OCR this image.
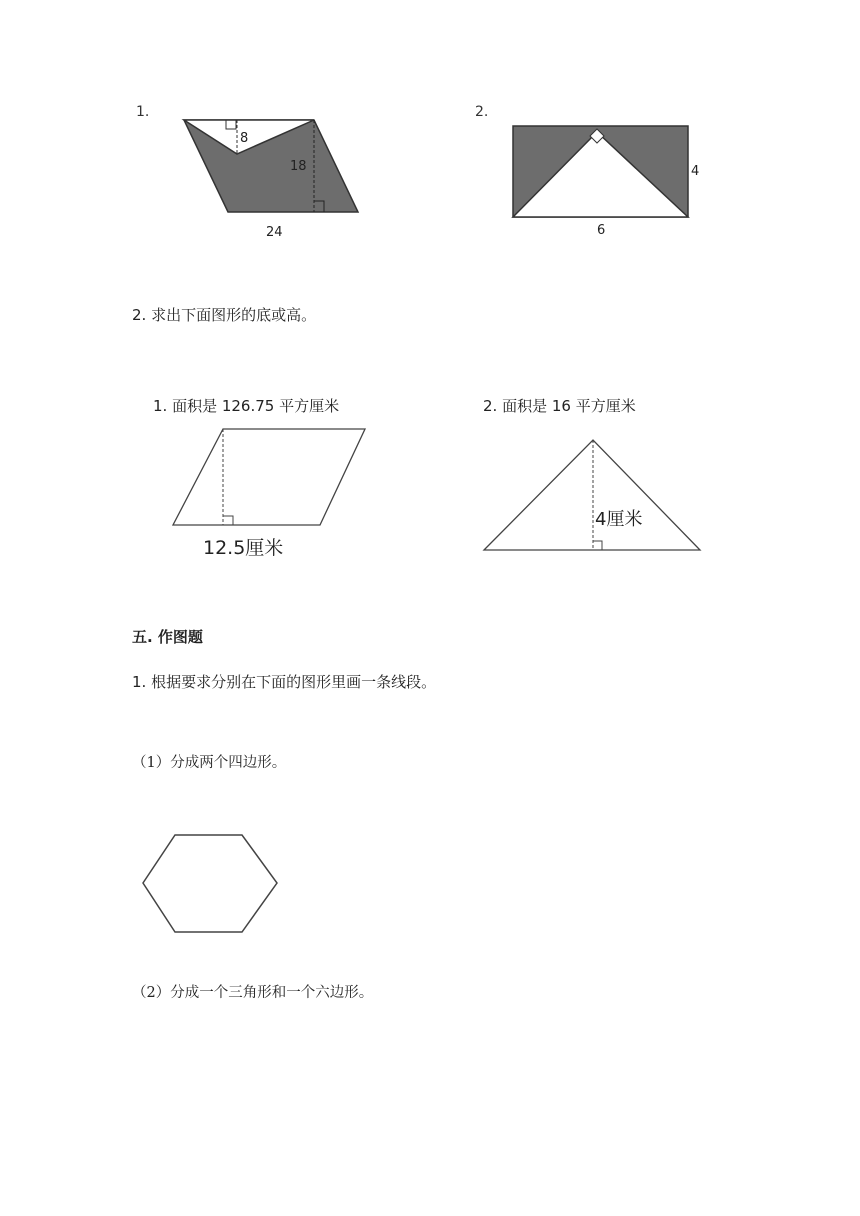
1.
8
18
24
2.
4
6
2. 求出下面图形的底或高。
1. 面积是 126.75 平方厘米	2. 面积是 16 平方厘米
12.5厘米
4厘米
五. 作图题
1. 根据要求分别在下面的图形里画一条线段。
（1）分成两个四边形。
（2）分成一个三角形和一个六边形。
